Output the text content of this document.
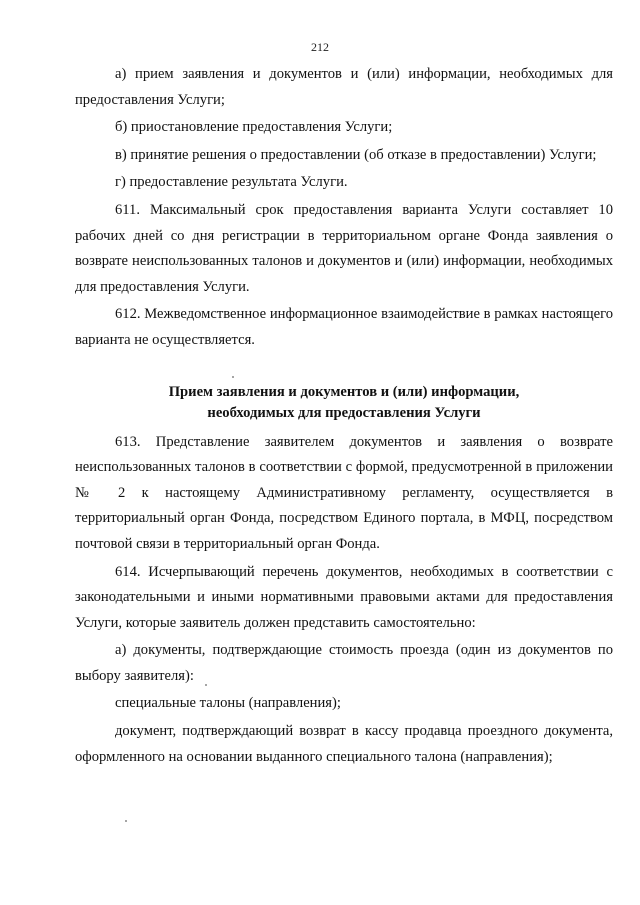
212

а) прием заявления и документов и (или) информации, необходимых для предоставления Услуги;

б) приостановление предоставления Услуги;

в) принятие решения о предоставлении (об отказе в предоставлении) Услуги;

г) предоставление результата Услуги.

611. Максимальный срок предоставления варианта Услуги составляет 10 рабочих дней со дня регистрации в территориальном органе Фонда заявления о возврате неиспользованных талонов и документов и (или) информации, необходимых для предоставления Услуги.

612. Межведомственное информационное взаимодействие в рамках настоящего варианта не осуществляется.

Прием заявления и документов и (или) информации,
необходимых для предоставления Услуги

613. Представление заявителем документов и заявления о возврате неиспользованных талонов в соответствии с формой, предусмотренной в приложении № 2 к настоящему Административному регламенту, осуществляется в территориальный орган Фонда, посредством Единого портала, в МФЦ, посредством почтовой связи в территориальный орган Фонда.

614. Исчерпывающий перечень документов, необходимых в соответствии с законодательными и иными нормативными правовыми актами для предоставления Услуги, которые заявитель должен представить самостоятельно:

а) документы, подтверждающие стоимость проезда (один из документов по выбору заявителя):

специальные талоны (направления);

документ, подтверждающий возврат в кассу продавца проездного документа, оформленного на основании выданного специального талона (направления);
